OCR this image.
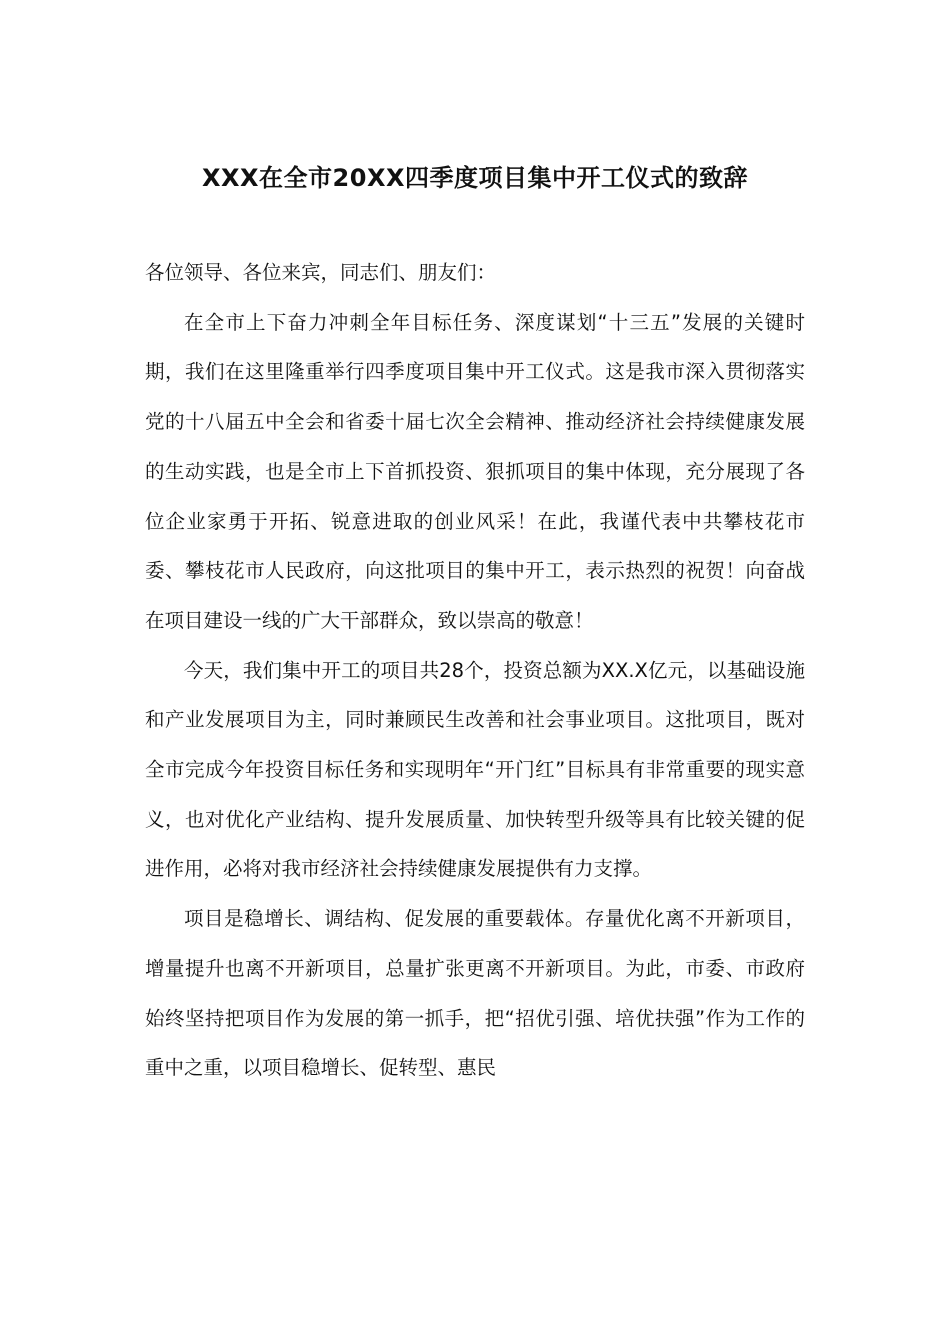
XXX在全市20XX四季度项目集中开工仪式的致辞

各位领导、各位来宾，同志们、朋友们：

在全市上下奋力冲刺全年目标任务、深度谋划“十三五”发展的关键时期，我们在这里隆重举行四季度项目集中开工仪式。这是我市深入贯彻落实党的十八届五中全会和省委十届七次全会精神、推动经济社会持续健康发展的生动实践，也是全市上下首抓投资、狠抓项目的集中体现，充分展现了各位企业家勇于开拓、锐意进取的创业风采！在此，我谨代表中共攀枝花市委、攀枝花市人民政府，向这批项目的集中开工，表示热烈的祝贺！向奋战在项目建设一线的广大干部群众，致以崇高的敬意！

今天，我们集中开工的项目共28个，投资总额为XX.X亿元，以基础设施和产业发展项目为主，同时兼顾民生改善和社会事业项目。这批项目，既对全市完成今年投资目标任务和实现明年“开门红”目标具有非常重要的现实意义，也对优化产业结构、提升发展质量、加快转型升级等具有比较关键的促进作用，必将对我市经济社会持续健康发展提供有力支撑。

项目是稳增长、调结构、促发展的重要载体。存量优化离不开新项目，增量提升也离不开新项目，总量扩张更离不开新项目。为此，市委、市政府始终坚持把项目作为发展的第一抓手，把“招优引强、培优扶强”作为工作的重中之重，以项目稳增长、促转型、惠民
